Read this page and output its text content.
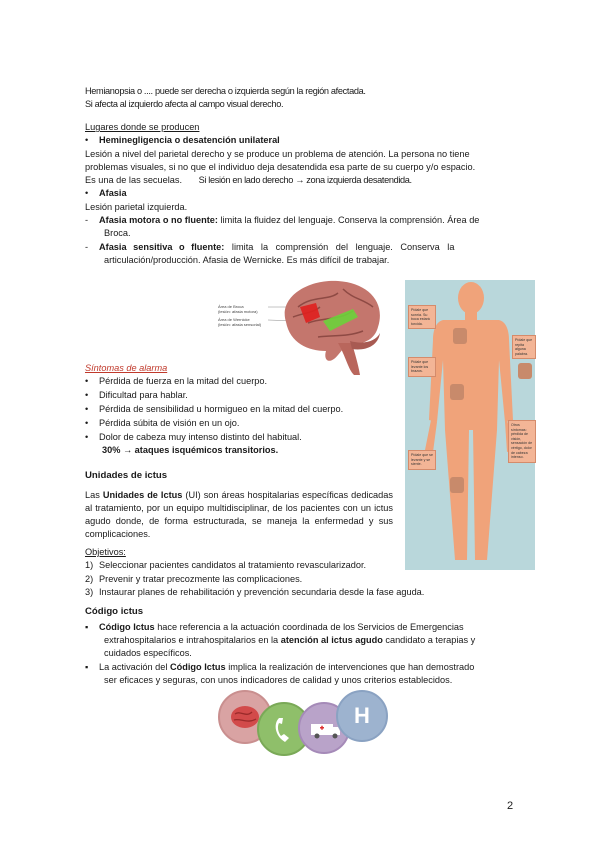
Hemianopsia o .... puede ser derecha o izquierda según la región afectada.
Si afecta al izquierdo afecta al campo visual derecho.
Lugares donde se producen
• Heminegligencia o desatención unilateral
Lesión a nivel del parietal derecho y se produce un problema de atención. La persona no tiene
problemas visuales, si no que el individuo deja desatendida esa parte de su cuerpo y/o espacio.
Es una de las secuelas. Si lesión en lado derecho → zona izquierda desatendida.
• Afasia
Lesión parietal izquierda.
- Afasia motora o no fluente: limita la fluidez del lenguaje. Conserva la comprensión. Área de
Broca.
- Afasia sensitiva o fluente: limita la comprensión del lenguaje. Conserva la
articulación/producción. Afasia de Wernicke. Es más difícil de trabajar.
Área de Broca
(lesión: afasia motora)
Área de Wernicke
(lesión: afasia sensorial)
Pídale que sonría. Su boca estará torcida.
Pídale que repita alguna palabra.
Pídale que levante los brazos.
Otros síntomas: pérdida de visión, sensación de vértigo, dolor de cabeza intenso.
Pídale que se levante y se siente.
Síntomas de alarma
• Pérdida de fuerza en la mitad del cuerpo.
• Dificultad para hablar.
• Pérdida de sensibilidad u hormigueo en la mitad del cuerpo.
• Pérdida súbita de visión en un ojo.
• Dolor de cabeza muy intenso distinto del habitual.
30% → ataques isquémicos transitorios.
Unidades de ictus
Las Unidades de Ictus (UI) son áreas hospitalarias específicas dedicadas al tratamiento, por un equipo multidisciplinar, de los pacientes con un ictus agudo donde, de forma estructurada, se maneja la enfermedad y sus complicaciones.
Objetivos:
1) Seleccionar pacientes candidatos al tratamiento revascularizador.
2) Prevenir y tratar precozmente las complicaciones.
3) Instaurar planes de rehabilitación y prevención secundaria desde la fase aguda.
Código ictus
▪ Código Ictus hace referencia a la actuación coordinada de los Servicios de Emergencias
extrahospitalarios e intrahospitalarios en la atención al ictus agudo candidato a terapias y
cuidados específicos.
▪ La activación del Código Ictus implica la realización de intervenciones que han demostrado
ser eficaces y seguras, con unos indicadores de calidad y unos criterios establecidos.
H
2
